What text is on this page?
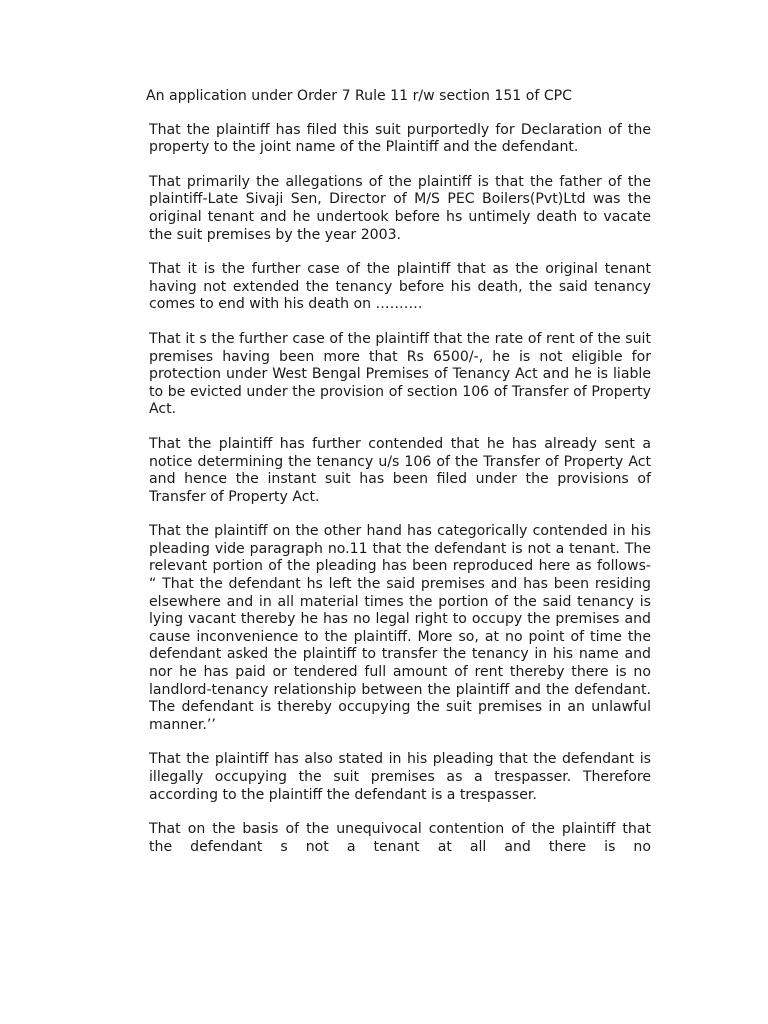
An application under Order 7 Rule 11 r/w section 151 of CPC

That the plaintiff has filed this suit purportedly for Declaration of the property to the joint name of the Plaintiff and the defendant.

That primarily the allegations of the plaintiff is that the father of the plaintiff-Late Sivaji Sen, Director of M/S PEC Boilers(Pvt)Ltd was the original tenant and he undertook before hs untimely death to vacate the suit premises by the year 2003.

That it is the further case of the plaintiff that as the original tenant having not extended the tenancy before his death, the said tenancy comes to end with his death on ……….

That it s the further case of the plaintiff that the rate of rent of the suit premises having been more that Rs 6500/-, he is not eligible for protection under West Bengal Premises of Tenancy Act and he is liable to be evicted under the provision of section 106 of Transfer of Property Act.

That the plaintiff has further contended that he has already sent a notice determining the tenancy u/s 106 of the Transfer of Property Act and hence the instant suit has been filed under the provisions of Transfer of Property Act.

That the plaintiff on the other hand has categorically contended in his pleading vide paragraph no.11 that the defendant is not a tenant. The relevant portion of the pleading has been reproduced here as follows- “ That the defendant hs left the said premises and has been residing elsewhere and in all material times the portion of the said tenancy is lying vacant thereby he has no legal right to occupy the premises and cause inconvenience to the plaintiff. More so, at no point of time the defendant asked the plaintiff to transfer the tenancy in his name and nor he has paid or tendered full amount of rent thereby there is no landlord-tenancy relationship between the plaintiff and the defendant. The defendant is thereby occupying the suit premises in an unlawful manner.’’

That the plaintiff has also stated in his pleading that the defendant is illegally occupying the suit premises as a trespasser. Therefore according to the plaintiff the defendant is a trespasser.

That on the basis of the unequivocal contention of the plaintiff that the defendant s not a tenant at all and there is no
